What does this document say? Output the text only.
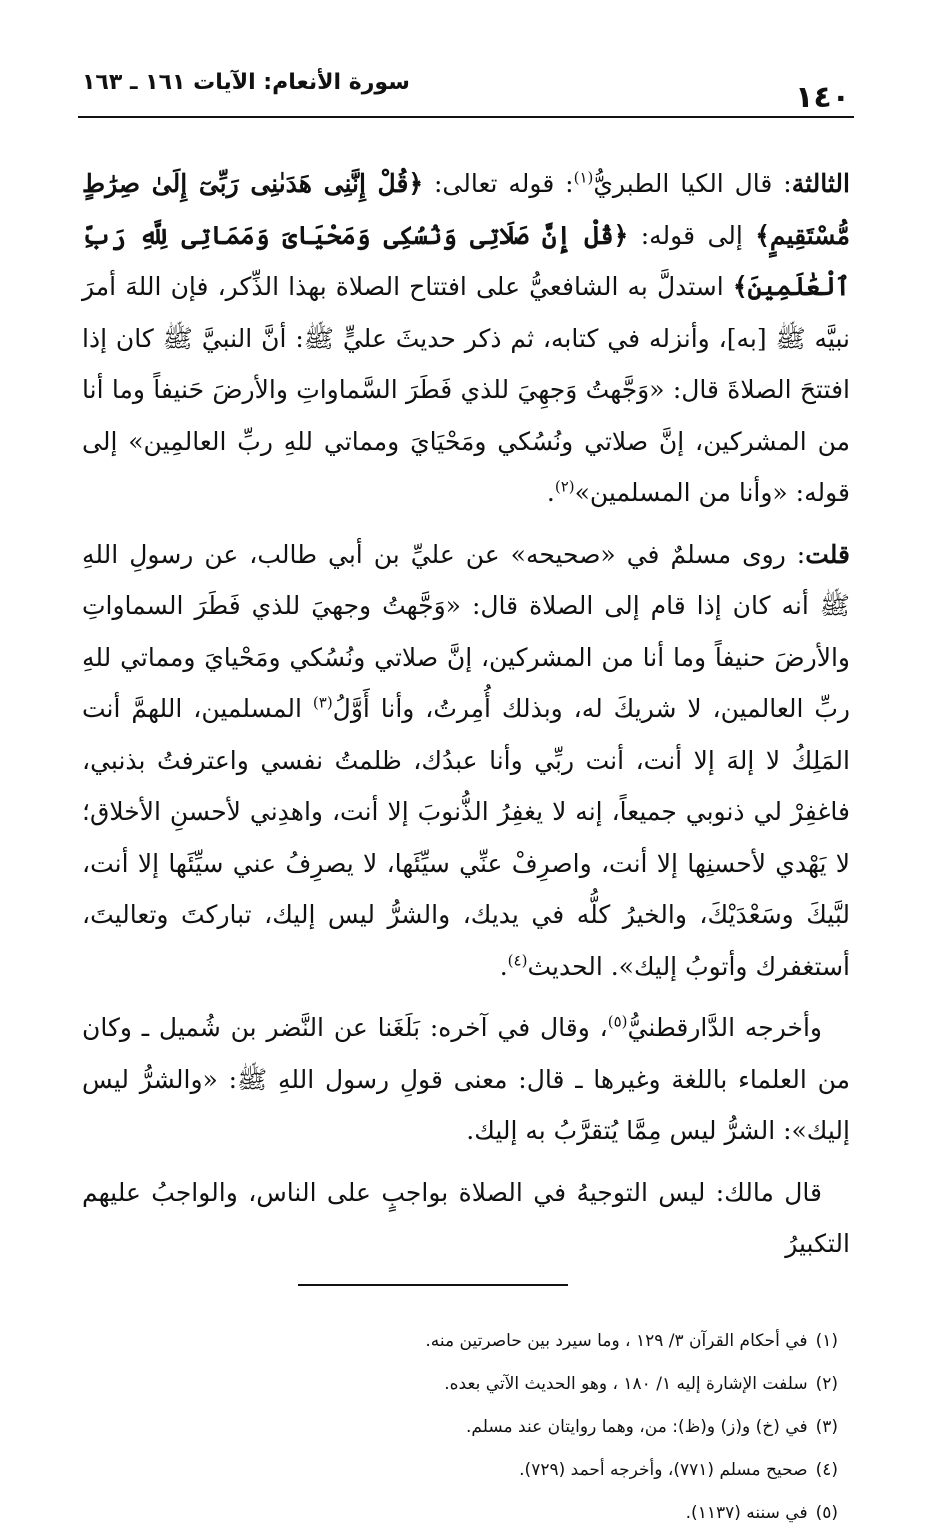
١٤٠
سورة الأنعام: الآيات ١٦١ ـ ١٦٣

الثالثة: قال الكيا الطبريُّ$^{(١)}$: قوله تعالى: ﴿قُلْ إِنَّنِى هَدَىٰنِى رَبِّىٓ إِلَىٰ صِرَٰطٍ مُّسْتَقِيمٍ﴾ إلى قوله: ﴿قُلْ إِنَّ صَلَاتِى وَنُسُكِى وَمَحْيَاىَ وَمَمَاتِى لِلَّهِ رَبِّ ٱلْعَٰلَمِينَ﴾ استدلَّ به الشافعيُّ على افتتاح الصلاة بهذا الذِّكر، فإن اللهَ أمرَ نبيَّه ﷺ [به]، وأنزله في كتابه، ثم ذكر حديثَ عليٍّ ﷺ: أنَّ النبيَّ ﷺ كان إذا افتتحَ الصلاةَ قال: «وَجَّهتُ وَجهِيَ للذي فَطَرَ السَّماواتِ والأرضَ حَنيفاً وما أنا من المشركين، إنَّ صلاتي ونُسُكي ومَحْيَايَ ومماتي للهِ ربِّ العالمِين» إلى قوله: «وأنا من المسلمين»$^{(٢)}$.

قلت: روى مسلمٌ في «صحيحه» عن عليِّ بن أبي طالب، عن رسولِ اللهِ ﷺ أنه كان إذا قام إلى الصلاة قال: «وَجَّهتُ وجهيَ للذي فَطَرَ السماواتِ والأرضَ حنيفاً وما أنا من المشركين، إنَّ صلاتي ونُسُكي ومَحْيايَ ومماتي للهِ ربِّ العالمين، لا شريكَ له، وبذلك أُمِرتُ، وأنا أَوَّلُ$^{(٣)}$ المسلمين، اللهمَّ أنت المَلِكُ لا إلهَ إلا أنت، أنت ربِّي وأنا عبدُك، ظلمتُ نفسي واعترفتُ بذنبي، فاغفِرْ لي ذنوبي جميعاً، إنه لا يغفِرُ الذُّنوبَ إلا أنت، واهدِني لأحسنِ الأخلاق؛ لا يَهْدي لأحسنِها إلا أنت، واصرِفْ عنِّي سيِّئَها، لا يصرِفُ عني سيِّئَها إلا أنت، لبَّيكَ وسَعْدَيْكَ، والخيرُ كلُّه في يديك، والشرُّ ليس إليك، تباركتَ وتعاليتَ، أستغفرك وأتوبُ إليك». الحديث$^{(٤)}$.

وأخرجه الدَّارقطنيُّ$^{(٥)}$، وقال في آخره: بَلَغَنا عن النَّضر بن شُميل ـ وكان من العلماء باللغة وغيرها ـ قال: معنى قولِ رسول اللهِ ﷺ: «والشرُّ ليس إليك»: الشرُّ ليس مِمَّا يُتقرَّبُ به إليك.

قال مالك: ليس التوجيهُ في الصلاة بواجبٍ على الناس، والواجبُ عليهم التكبيرُ

(١)في أحكام القرآن ٣/ ١٢٩ ، وما سيرد بين حاصرتين منه.
(٢)سلفت الإشارة إليه ١/ ١٨٠ ، وهو الحديث الآتي بعده.
(٣)في (خ) و(ز) و(ظ): من، وهما روايتان عند مسلم.
(٤)صحيح مسلم (٧٧١)، وأخرجه أحمد (٧٢٩).
(٥)في سننه (١١٣٧).
